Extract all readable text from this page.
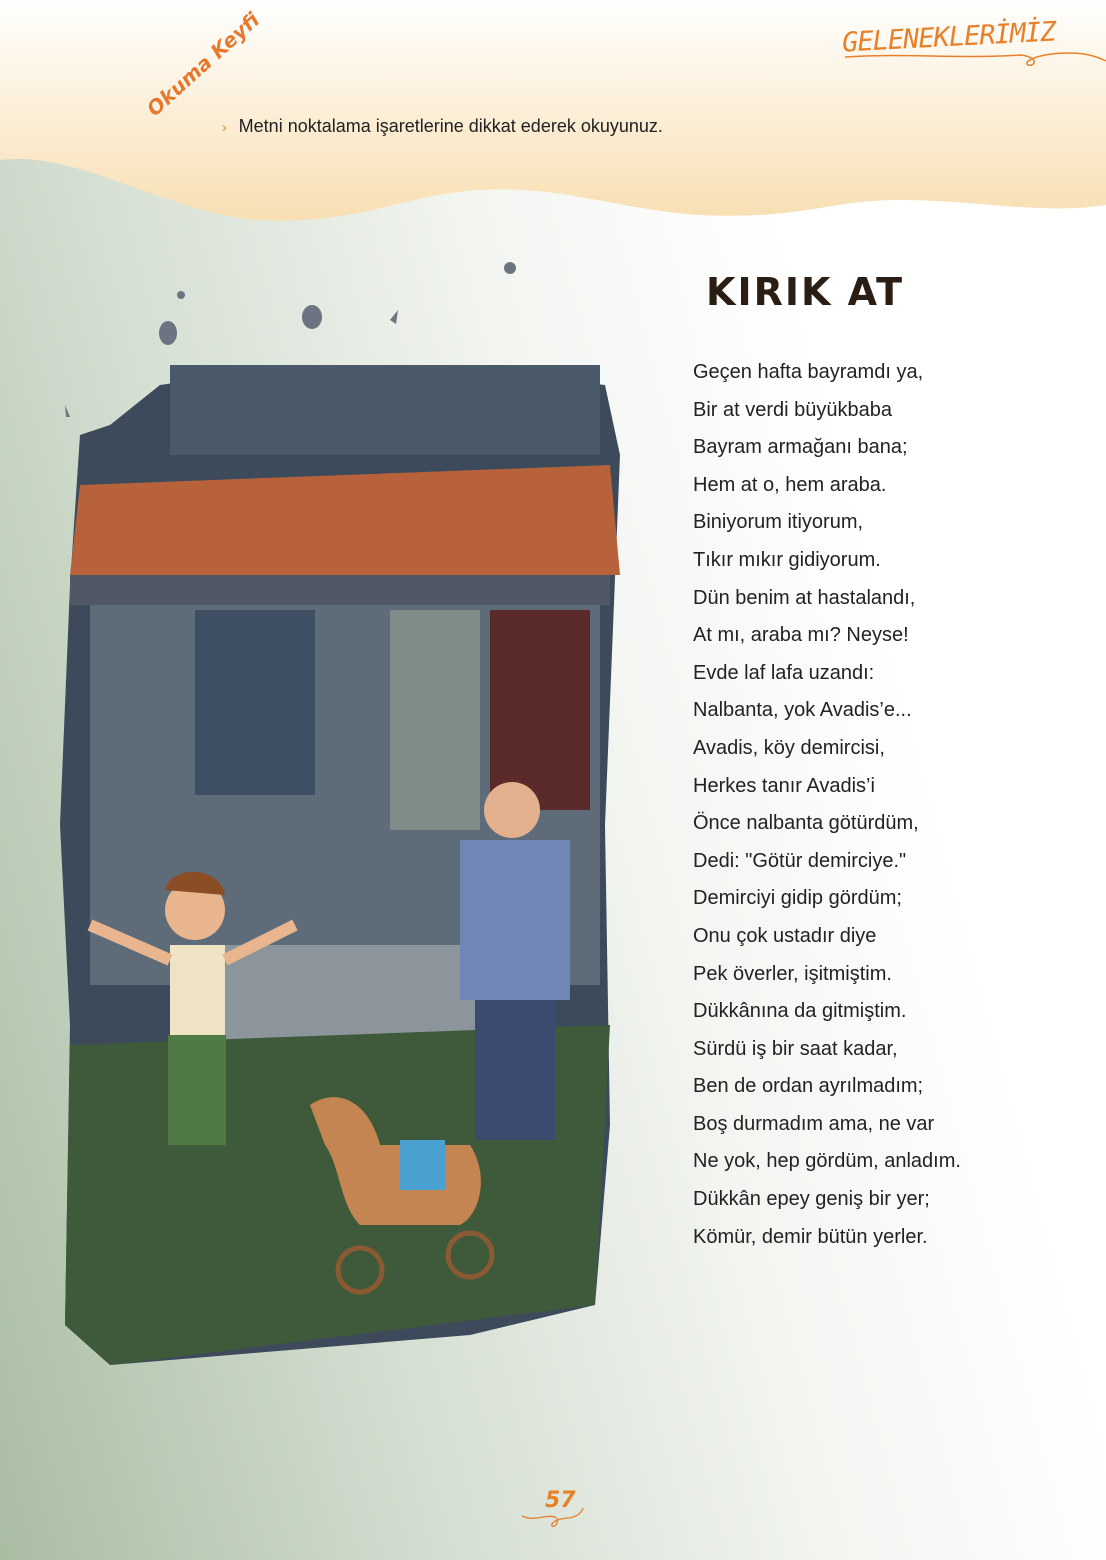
GELENEKLERİMİZ
Okuma Keyfi
› Metni noktalama işaretlerine dikkat ederek okuyunuz.
KIRIK AT
Geçen hafta bayramdı ya,
Bir at verdi büyükbaba
Bayram armağanı bana;
Hem at o, hem araba.
Biniyorum itiyorum,
Tıkır mıkır gidiyorum.
Dün benim at hastalandı,
At mı, araba mı? Neyse!
Evde laf lafa uzandı:
Nalbanta, yok Avadis’e...
Avadis, köy demircisi,
Herkes tanır Avadis’i
Önce nalbanta götürdüm,
Dedi: "Götür demirciye."
Demirciyi gidip gördüm;
Onu çok ustadır diye
Pek överler, işitmiştim.
Dükkânına da gitmiştim.
Sürdü iş bir saat kadar,
Ben de ordan ayrılmadım;
Boş durmadım ama, ne var
Ne yok, hep gördüm, anladım.
Dükkân epey geniş bir yer;
Kömür, demir bütün yerler.
57
